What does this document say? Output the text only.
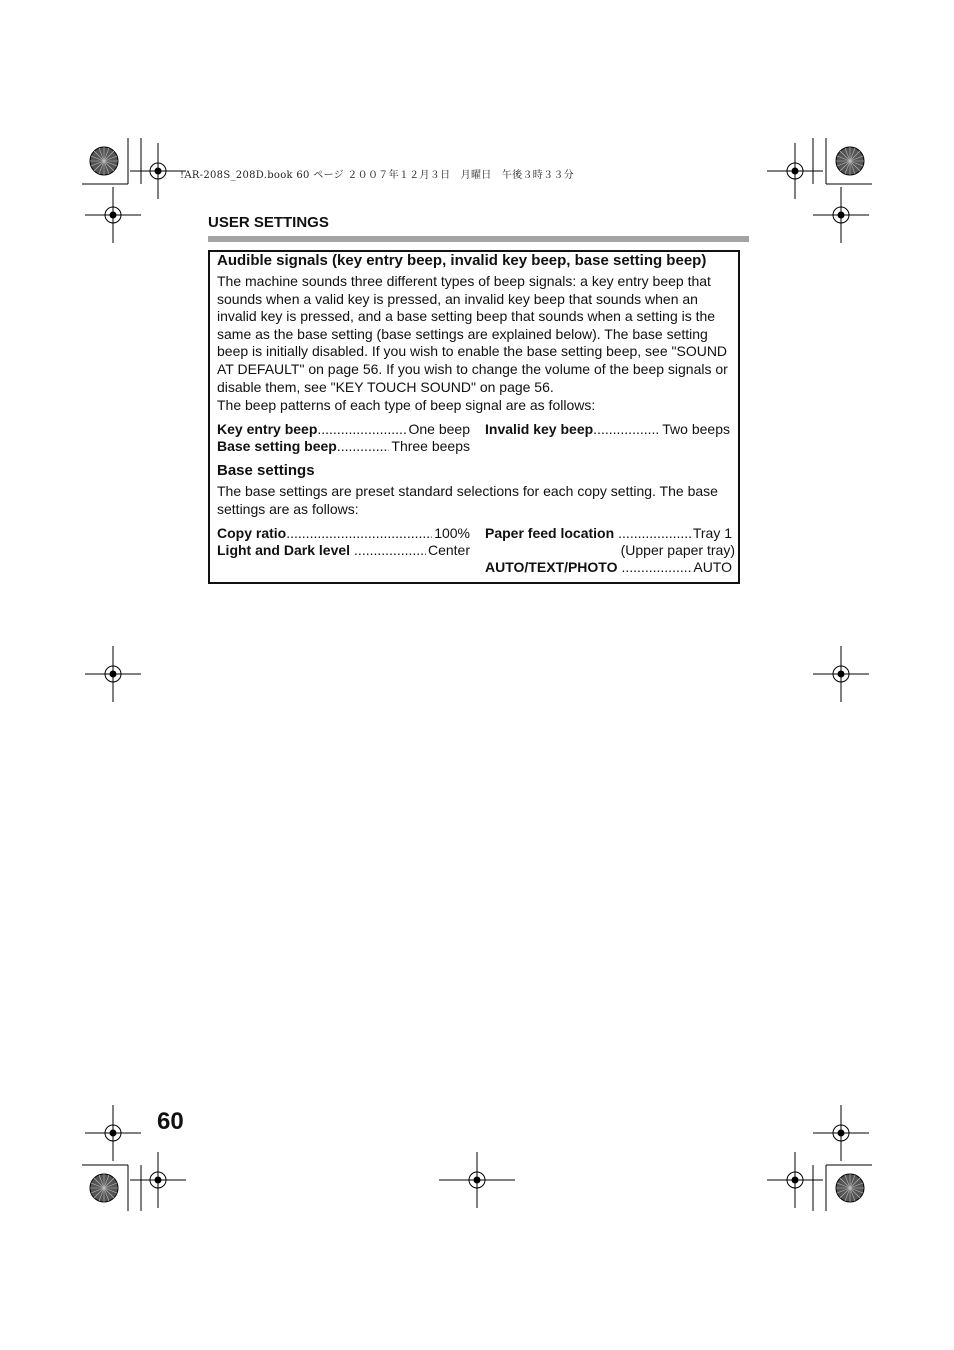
!AR-208S_208D.book 60 ページ ２００７年１２月３日　月曜日　午後３時３３分
USER SETTINGS
Audible signals (key entry beep, invalid key beep, base setting beep)
The machine sounds three different types of beep signals: a key entry beep that sounds when a valid key is pressed, an invalid key beep that sounds when an invalid key is pressed, and a base setting beep that sounds when a setting is the same as the base setting (base settings are explained below). The base setting beep is initially disabled. If you wish to enable the base setting beep, see "SOUND AT DEFAULT" on page 56. If you wish to change the volume of the beep signals or disable them, see "KEY TOUCH SOUND" on page 56.
The beep patterns of each type of beep signal are as follows:
Key entry beep .....	One beep
Base setting beep .....	Three beeps
Invalid key beep .....	Two beeps
Base settings
The base settings are preset standard selections for each copy setting. The base settings are as follows:
Copy ratio .....	100%
Light and Dark level .....	Center
Paper feed location .....	Tray 1
(Upper paper tray)
AUTO/TEXT/PHOTO .....	AUTO
60
